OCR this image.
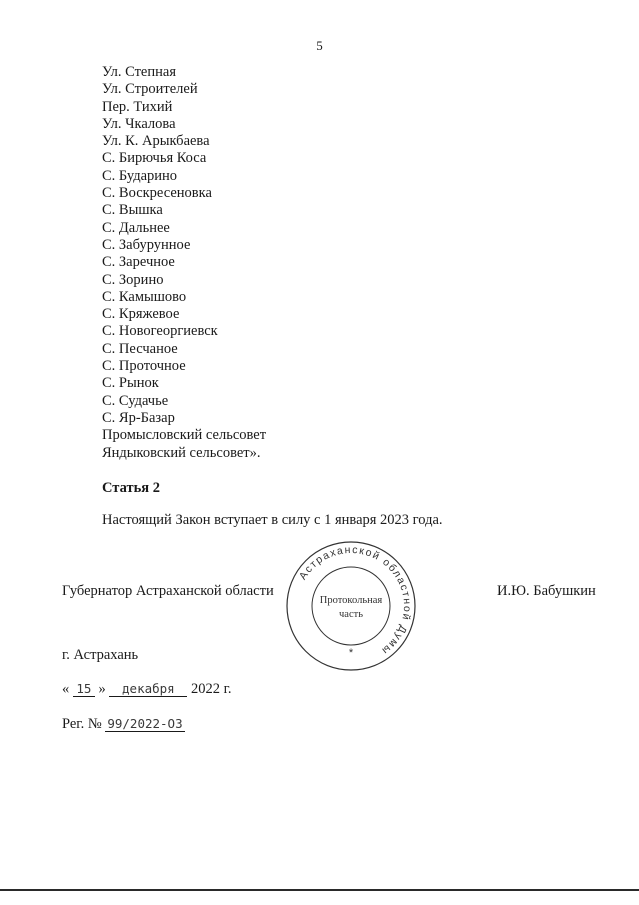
5
Ул. Степная
Ул. Строителей
Пер. Тихий
Ул. Чкалова
Ул. К. Арыкбаева
С. Бирючья Коса
С. Бударино
С. Воскресеновка
С. Вышка
С. Дальнее
С. Забурунное
С. Заречное
С. Зорино
С. Камышово
С. Кряжевое
С. Новогеоргиевск
С. Песчаное
С. Проточное
С. Рынок
С. Судачье
С. Яр-Базар
Промысловский сельсовет
Яндыковский сельсовет».
Статья 2
Настоящий Закон вступает в силу с 1 января 2023 года.
Губернатор Астраханской области	И.Ю. Бабушкин
Астраханской областной Думы
Протокольная
часть
*
г. Астрахань
« 15 » декабря 2022 г.
Рег. № 99/2022-ОЗ
